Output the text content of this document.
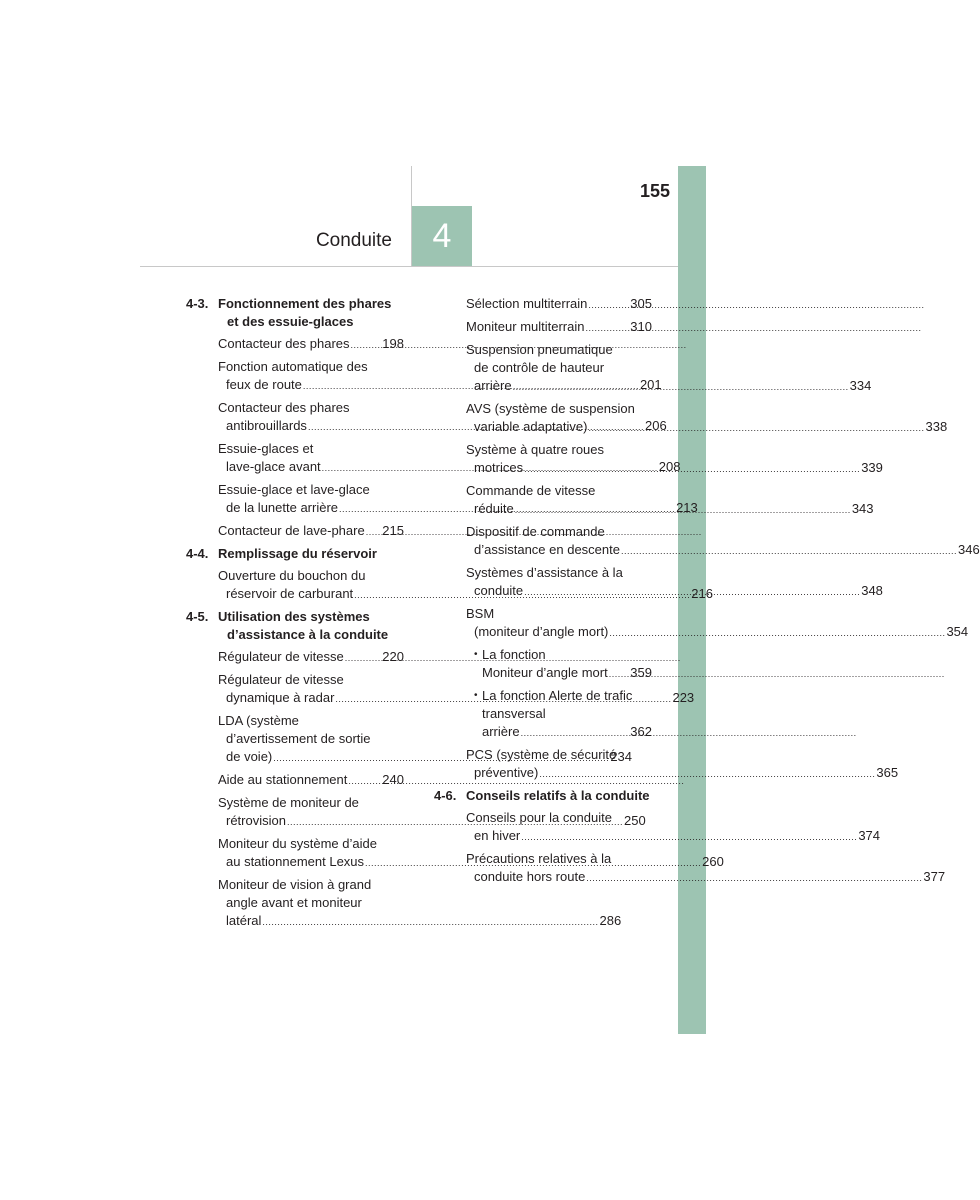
4
Conduite
155
4-3. Fonctionnement des phares
et des essuie-glaces
Contacteur des phares .....	198
Fonction automatique des
feux de route .....	201
Contacteur des phares
antibrouillards .....	206
Essuie-glaces et
lave-glace avant .....	208
Essuie-glace et lave-glace
de la lunette arrière .....	213
Contacteur de lave-phare ..... 215
4-4. Remplissage du réservoir
Ouverture du bouchon du
réservoir de carburant .....	216
4-5. Utilisation des systèmes
d’assistance à la conduite
Régulateur de vitesse .....	220
Régulateur de vitesse
dynamique à radar .....	223
LDA (système
d’avertissement de sortie
de voie) .....	234
Aide au stationnement .....	240
Système de moniteur de
rétrovision .....	250
Moniteur du système d’aide
au stationnement Lexus .....	260
Moniteur de vision à grand
angle avant et moniteur
latéral .....	286
Sélection multiterrain .....	305
Moniteur multiterrain .....	310
Suspension pneumatique
de contrôle de hauteur
arrière .....	334
AVS (système de suspension
variable adaptative) .....	338
Système à quatre roues
motrices .....	339
Commande de vitesse
réduite .....	343
Dispositif de commande
d’assistance en descente .....	346
Systèmes d’assistance à la
conduite .....	348
BSM
(moniteur d’angle mort) .....	354
• La fonction
Moniteur d’angle mort ..... 359
• La fonction Alerte de trafic transversal
arrière .....	362
PCS (système de sécurité
préventive) .....	365
4-6. Conseils relatifs à la conduite
Conseils pour la conduite
en hiver .....	374
Précautions relatives à la
conduite hors route .....	377
